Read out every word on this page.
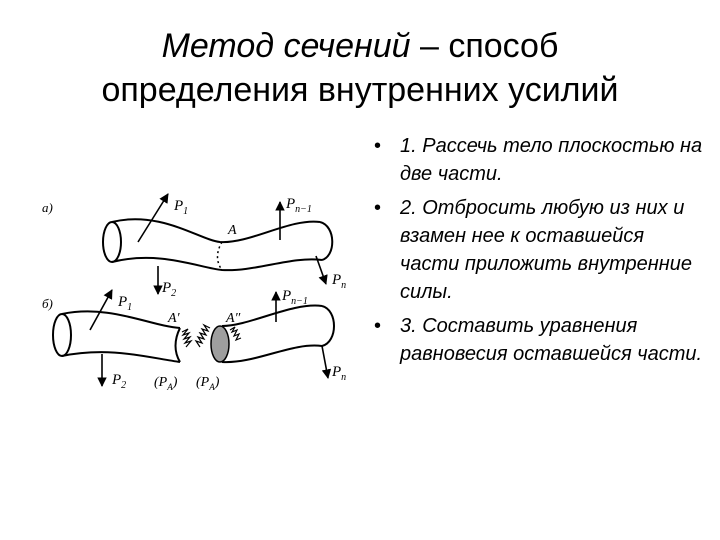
Метод сечений – способ
определения внутренних усилий
а)	$P_1$
$P_2$
$P_{n-1}$
$P_n$
A
б)	$P_1$
$P_2$
$P_{n-1}$
$P_n$
A′	A″
$(P_A)$ $(P_A)$
• 1. Рассечь тело плоскостью на две части.
• 2. Отбросить любую из них и взамен нее к оставшейся части приложить внутренние силы.
• 3. Составить уравнения равновесия оставшейся части.
